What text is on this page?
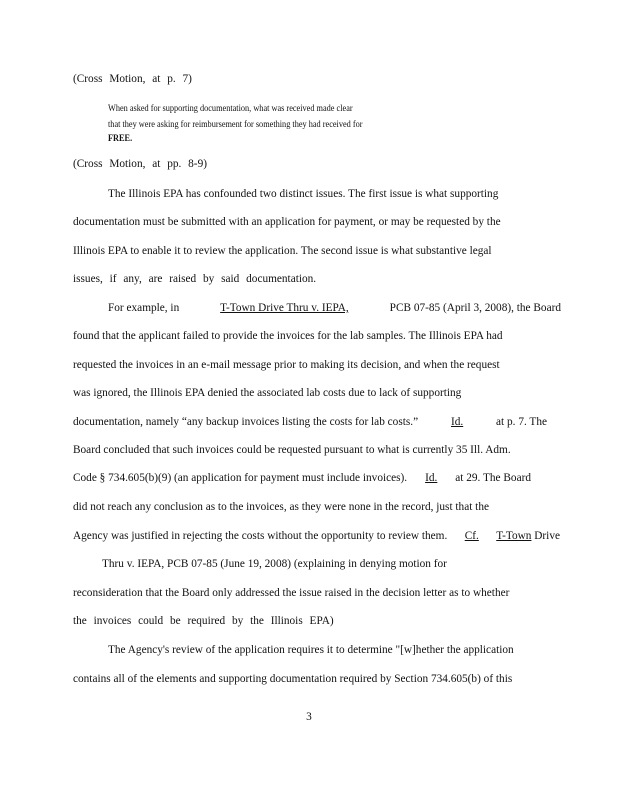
(Cross Motion, at p. 7)
When asked for supporting documentation, what was received made clear
that they were asking for reimbursement for something they had received for
FREE.
(Cross Motion, at pp. 8-9)
The Illinois EPA has confounded two distinct issues. The first issue is what supporting
documentation must be submitted with an application for payment, or may be requested by the
Illinois EPA to enable it to review the application. The second issue is what substantive legal
issues, if any, are raised by said documentation.
For example, in	T-Town Drive Thru v. IEPA,	PCB 07-85 (April 3, 2008), the Board
found that the applicant failed to provide the invoices for the lab samples. The Illinois EPA had
requested the invoices in an e-mail message prior to making its decision, and when the request
was ignored, the Illinois EPA denied the associated lab costs due to lack of supporting
documentation, namely “any backup invoices listing the costs for lab costs.”	Id.	at p. 7. The
Board concluded that such invoices could be requested pursuant to what is currently 35 Ill. Adm.
Code § 734.605(b)(9) (an application for payment must include invoices). Id. at 29. The Board
did not reach any conclusion as to the invoices, as they were none in the record, just that the
Agency was justified in rejecting the costs without the opportunity to review them. Cf. T-Town Drive
Thru v. IEPA, PCB 07-85 (June 19, 2008) (explaining in denying motion for
reconsideration that the Board only addressed the issue raised in the decision letter as to whether
the invoices could be required by the Illinois EPA)
The Agency's review of the application requires it to determine "[w]hether the application
contains all of the elements and supporting documentation required by Section 734.605(b) of this
3
